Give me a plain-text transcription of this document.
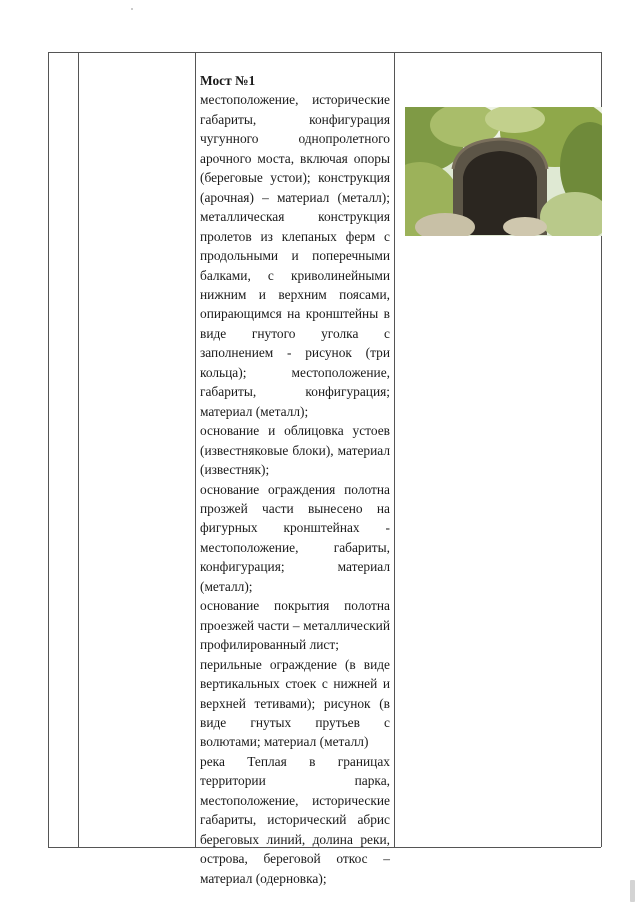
Мост №1

местоположение, исторические габариты, конфигурация чугунного однопролетного арочного моста, включая опоры (береговые устои); конструкция (арочная) – материал (металл); металлическая конструкция пролетов из клепаных ферм с продольными и поперечными балками, с криволинейными нижним и верхним поясами, опирающимся на кронштейны в виде гнутого уголка с заполнением - рисунок (три кольца); местоположение, габариты, конфигурация; материал (металл);

основание и облицовка устоев (известняковые блоки), материал (известняк);

основание ограждения полотна прозжей части вынесено на фигурных кронштейнах - местоположение, габариты, конфигурация; материал (металл);

основание покрытия полотна проезжей части – металлический профилированный лист;

перильные ограждение (в виде вертикальных стоек с нижней и верхней тетивами); рисунок (в виде гнутых прутьев с волютами; материал (металл)

река Теплая в границах территории парка, местоположение, исторические габариты, исторический абрис береговых линий, долина реки, острова, береговой откос – материал (одерновка);
